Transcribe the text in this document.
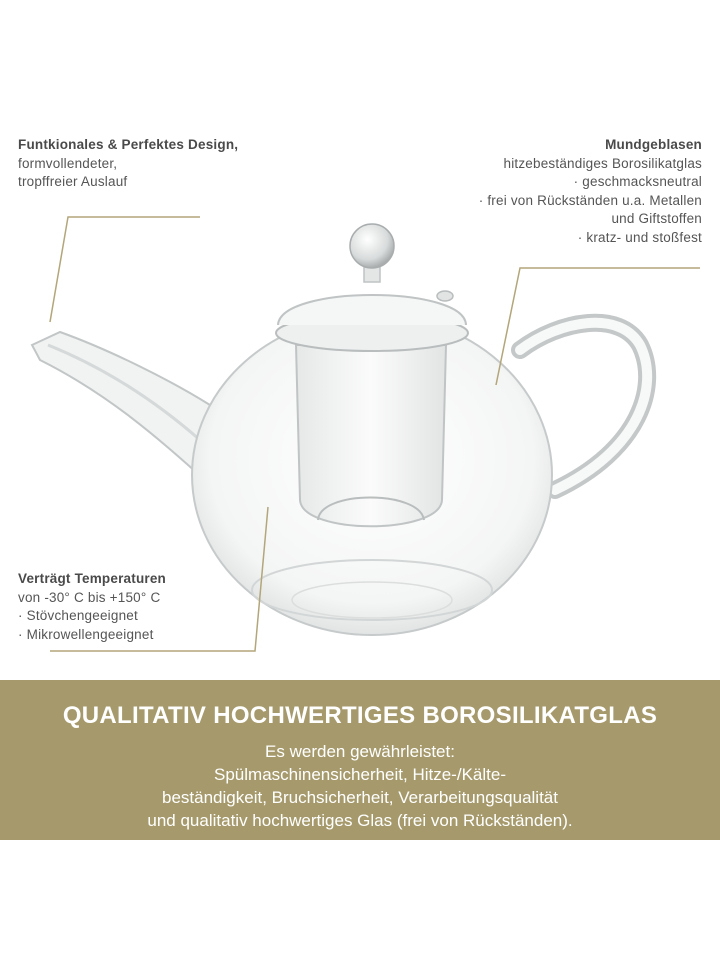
Funtkionales & Perfektes Design,
formvollendeter,
tropffreier Auslauf
Mundgeblasen
hitzebeständiges Borosilikatglas
· geschmacksneutral
· frei von Rückständen u.a. Metallen
und Giftstoffen
· kratz- und stoßfest
Verträgt Temperaturen
von -30° C bis +150° C
· Stövchengeeignet
· Mikrowellengeeignet
QUALITATIV HOCHWERTIGES BOROSILIKATGLAS
Es werden gewährleistet:
Spülmaschinensicherheit, Hitze-/Kälte-
beständigkeit, Bruchsicherheit, Verarbeitungsqualität
und qualitativ hochwertiges Glas (frei von Rückständen).
